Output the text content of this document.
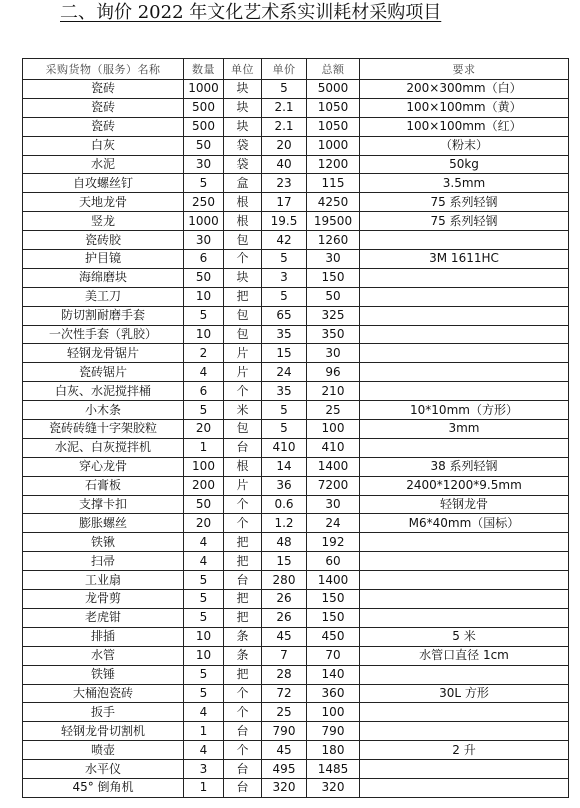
二、询价 2022 年文化艺术系实训耗材采购项目
采购货物（服务）名称	数量	单位	单价	总额	要求
瓷砖	1000	块	5	5000	200×300mm（白）
瓷砖	500	块	2.1	1050	100×100mm（黄）
瓷砖	500	块	2.1	1050	100×100mm（红）
白灰	50	袋	20	1000	（粉末）
水泥	30	袋	40	1200	50kg
自攻螺丝钉	5	盒	23	115	3.5mm
天地龙骨	250	根	17	4250	75 系列轻钢
竖龙	1000	根	19.5	19500	75 系列轻钢
瓷砖胶	30	包	42	1260	
护目镜	6	个	5	30	3M 1611HC
海绵磨块	50	块	3	150	
美工刀	10	把	5	50	
防切割耐磨手套	5	包	65	325	
一次性手套（乳胶）	10	包	35	350	
轻钢龙骨锯片	2	片	15	30	
瓷砖锯片	4	片	24	96	
白灰、水泥搅拌桶	6	个	35	210	
小木条	5	米	5	25	10*10mm（方形）
瓷砖砖缝十字架胶粒	20	包	5	100	3mm
水泥、白灰搅拌机	1	台	410	410	
穿心龙骨	100	根	14	1400	38 系列轻钢
石膏板	200	片	36	7200	2400*1200*9.5mm
支撑卡扣	50	个	0.6	30	轻钢龙骨
膨胀螺丝	20	个	1.2	24	M6*40mm（国标）
铁锹	4	把	48	192	
扫帚	4	把	15	60	
工业扇	5	台	280	1400	
龙骨剪	5	把	26	150	
老虎钳	5	把	26	150	
排插	10	条	45	450	5 米
水管	10	条	7	70	水管口直径 1cm
铁锤	5	把	28	140	
大桶泡瓷砖	5	个	72	360	30L 方形
扳手	4	个	25	100	
轻钢龙骨切割机	1	台	790	790	
喷壶	4	个	45	180	2 升
水平仪	3	台	495	1485	
45° 倒角机	1	台	320	320	
